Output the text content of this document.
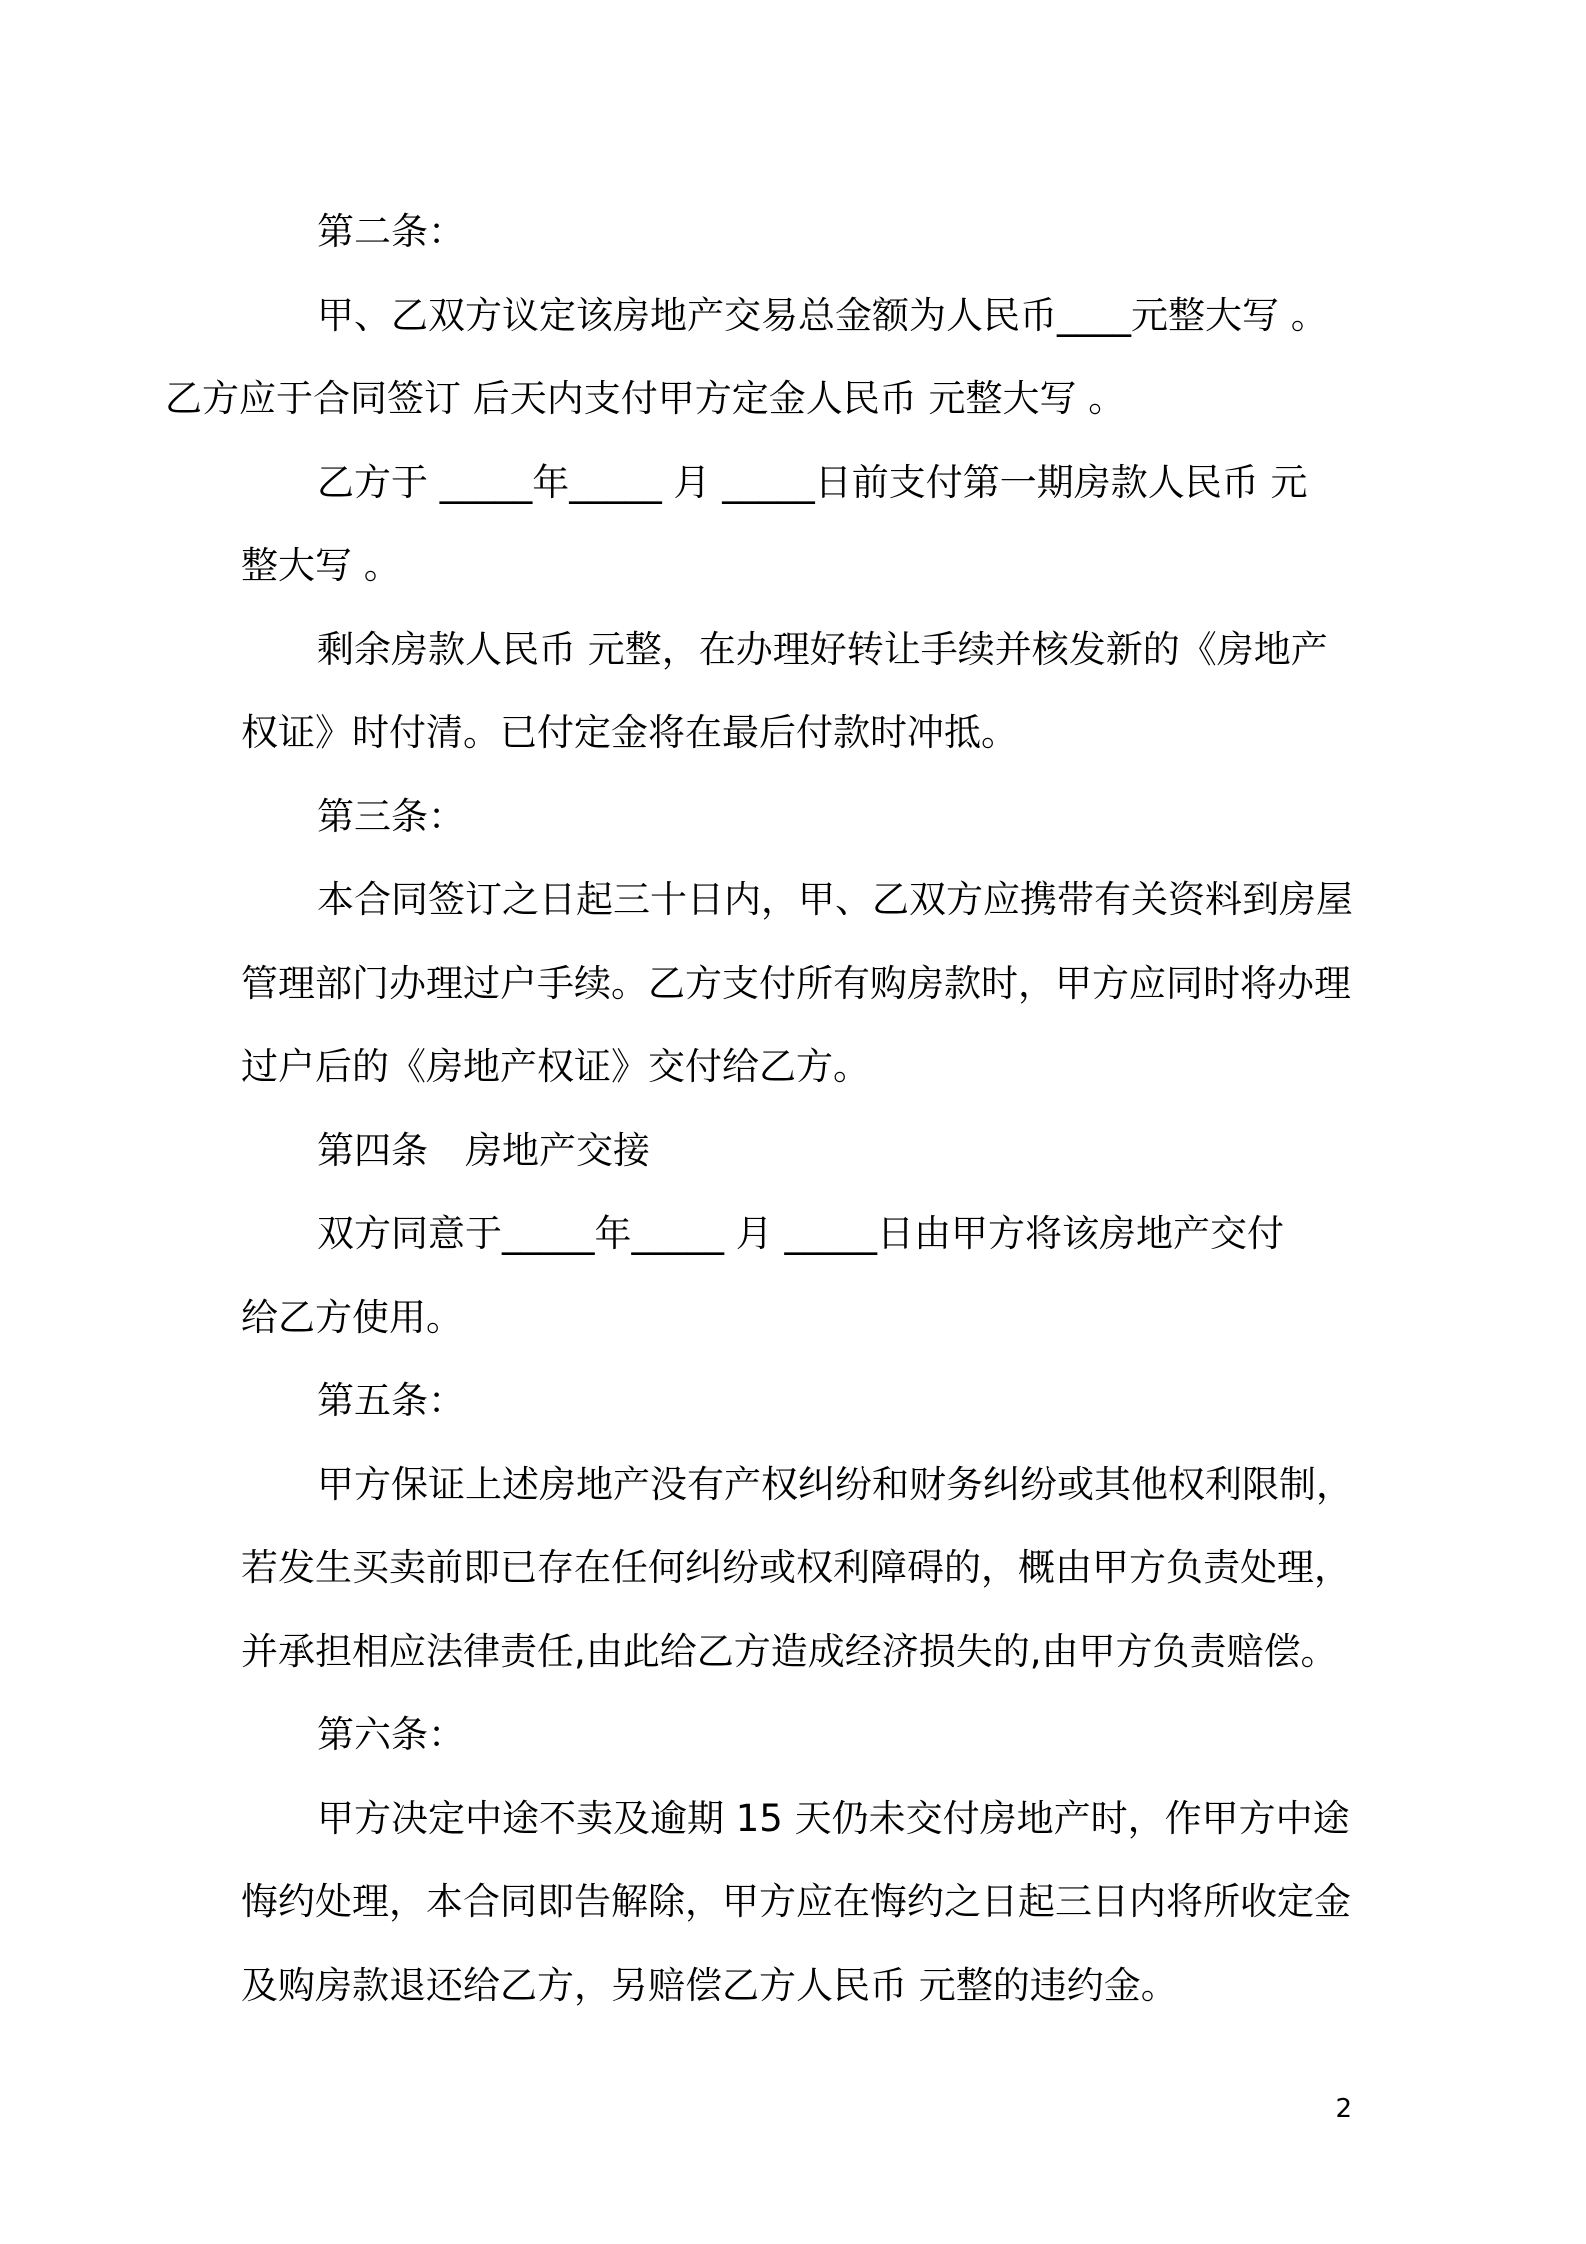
第二条：

甲、乙双方议定该房地产交易总金额为人民币____元整大写 。
乙方应于合同签订 后天内支付甲方定金人民币 元整大写 。

乙方于 _____年_____ 月 _____日前支付第一期房款人民币 元
整大写 。

剩余房款人民币 元整，在办理好转让手续并核发新的《房地产
权证》时付清。已付定金将在最后付款时冲抵。

第三条：

本合同签订之日起三十日内，甲、乙双方应携带有关资料到房屋
管理部门办理过户手续。乙方支付所有购房款时，甲方应同时将办理
过户后的《房地产权证》交付给乙方。

第四条　房地产交接

双方同意于_____年_____ 月 _____日由甲方将该房地产交付
给乙方使用。

第五条：

甲方保证上述房地产没有产权纠纷和财务纠纷或其他权利限制，
若发生买卖前即已存在任何纠纷或权利障碍的，概由甲方负责处理，
并承担相应法律责任,由此给乙方造成经济损失的,由甲方负责赔偿。

第六条：

甲方决定中途不卖及逾期 15 天仍未交付房地产时，作甲方中途
悔约处理，本合同即告解除，甲方应在悔约之日起三日内将所收定金
及购房款退还给乙方，另赔偿乙方人民币 元整的违约金。

2
